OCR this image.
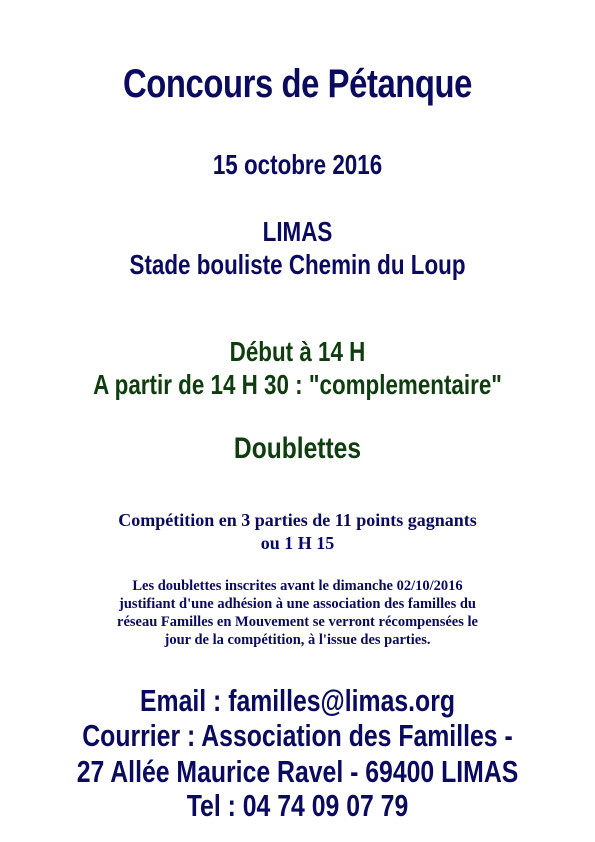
Concours de Pétanque
15 octobre 2016
LIMAS
Stade bouliste Chemin du Loup
Début à 14 H
A partir de 14 H 30 : "complementaire"
Doublettes
Compétition en 3 parties de 11 points gagnants
ou 1 H 15
Les doublettes inscrites avant le dimanche 02/10/2016
justifiant d'une adhésion à une association des familles du
réseau Familles en Mouvement se verront récompensées le
jour de la compétition, à l'issue des parties.
Email : familles@limas.org
Courrier : Association des Familles -
27 Allée Maurice Ravel - 69400 LIMAS
Tel : 04 74 09 07 79
